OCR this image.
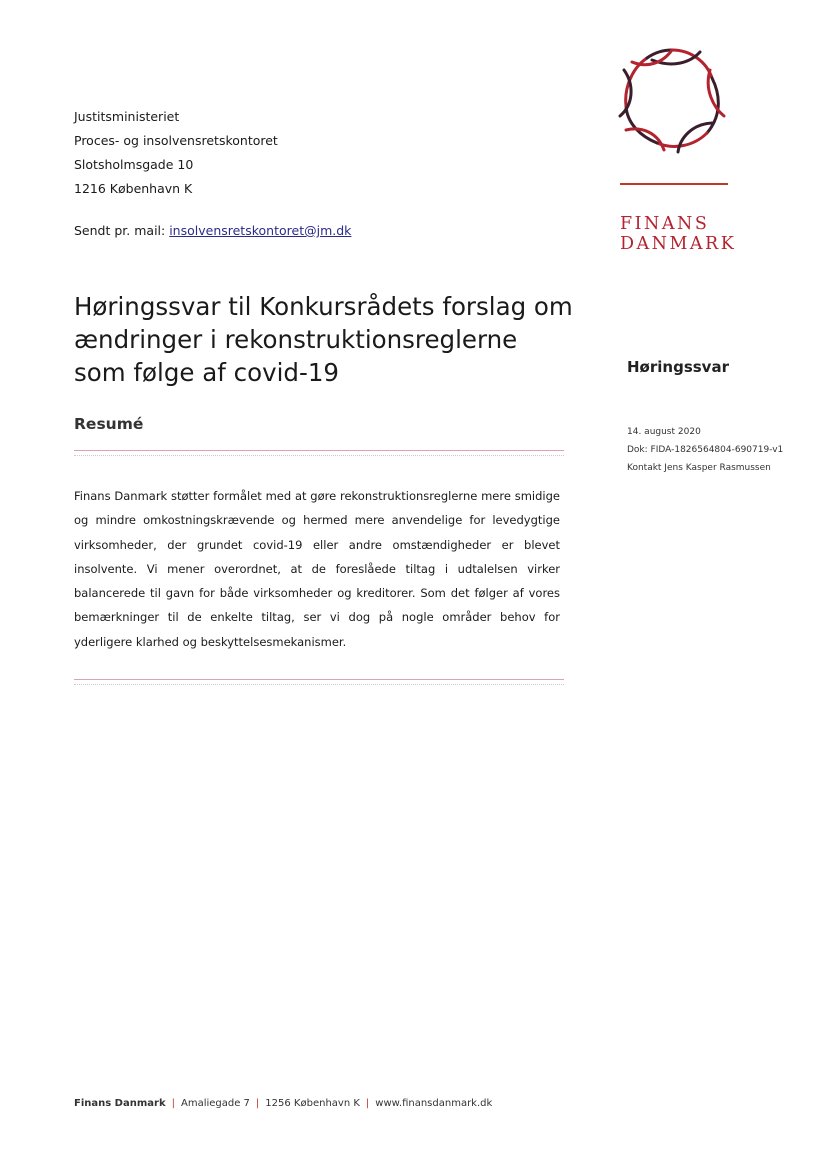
Justitsministeriet
Proces- og insolvensretskontoret
Slotsholmsgade 10
1216 København K
Sendt pr. mail: insolvensretskontoret@jm.dk	FINANS
DANMARK
Høringssvar til Konkursrådets forslag om ændringer i rekonstruktionsreglerne som følge af covid-19	Høringssvar
14. august 2020
Dok: FIDA-1826564804-690719-v1
Kontakt Jens Kasper Rasmussen
Resumé

Finans Danmark støtter formålet med at gøre rekonstruktionsreglerne mere smidige og mindre omkostningskrævende og hermed mere anvendelige for levedygtige virksomheder, der grundet covid-19 eller andre omstændigheder er blevet insolvente. Vi mener overordnet, at de foreslåede tiltag i udtalelsen virker balancerede til gavn for både virksomheder og kreditorer. Som det følger af vores bemærkninger til de enkelte tiltag, ser vi dog på nogle områder behov for yderligere klarhed og beskyttelsesmekanismer.

Finans Danmark | Amaliegade 7 | 1256 København K | www.finansdanmark.dk
